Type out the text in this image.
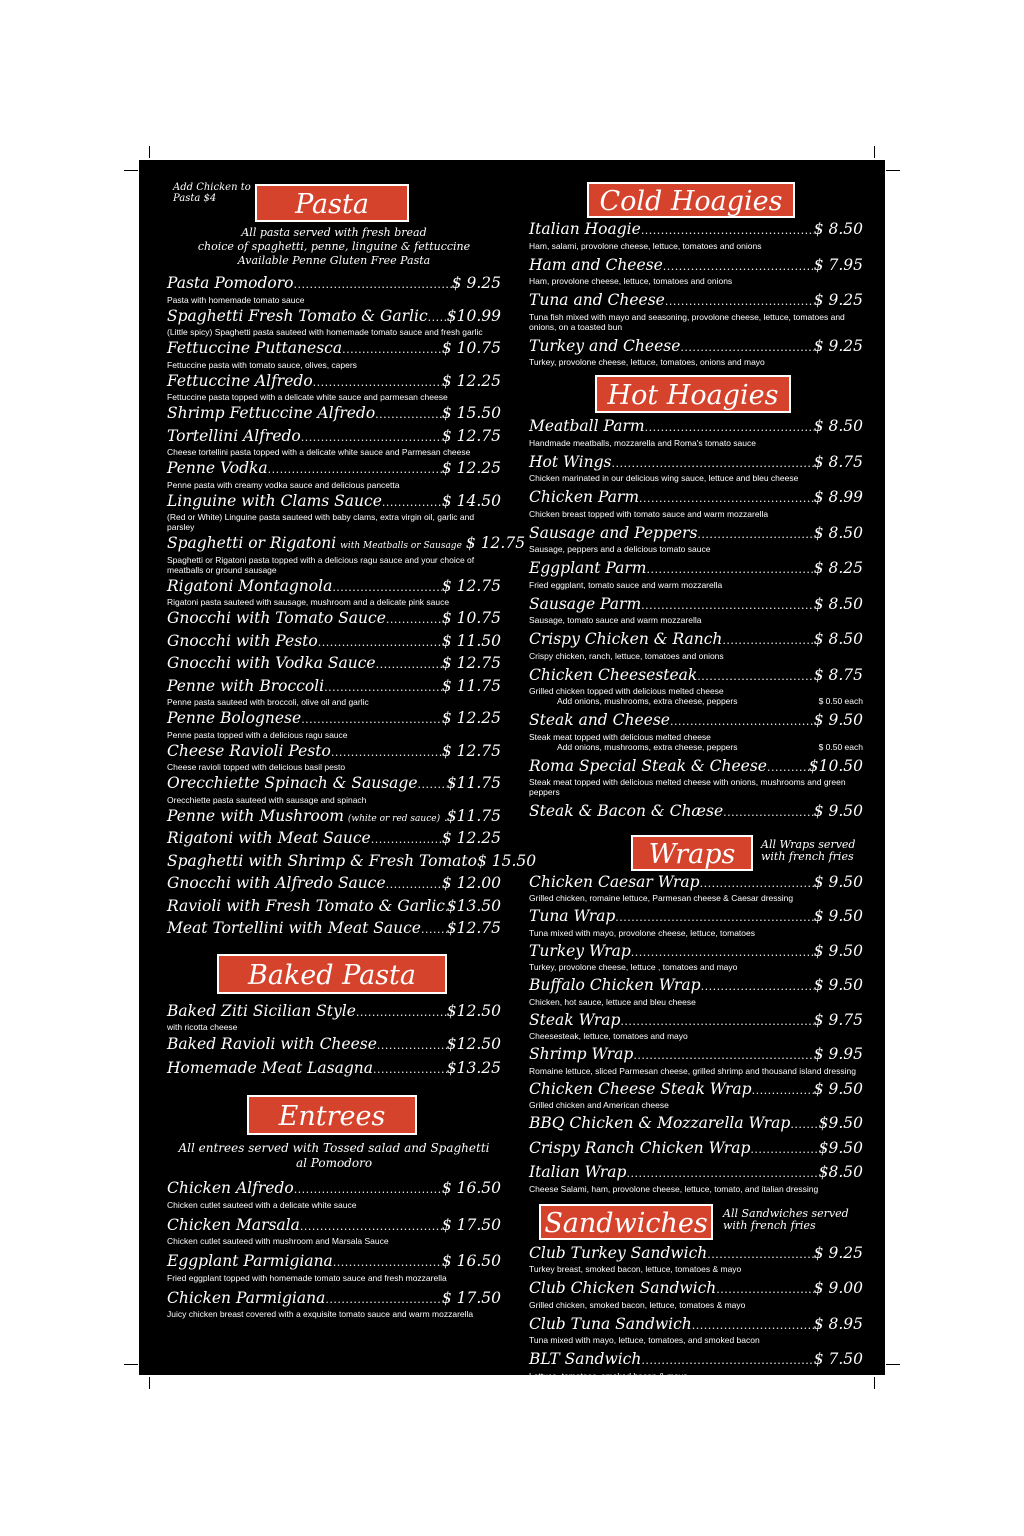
Add Chicken to Pasta $4	Pasta
All pasta served with fresh bread
choice of spaghetti, penne, linguine & fettuccine
Available Penne Gluten Free Pasta
Pasta Pomodoro .....	$ 9.25
Pasta with homemade tomato sauce
Spaghetti Fresh Tomato & Garlic ..... $10.99
(Little spicy) Spaghetti pasta sauteed with homemade tomato sauce and fresh garlic
Fettuccine Puttanesca .....	$ 10.75
Fettuccine pasta with tomato sauce, olives, capers
Fettuccine Alfredo .....	$ 12.25
Fettuccine pasta topped with a delicate white sauce and parmesan cheese
Shrimp Fettuccine Alfredo .....	$ 15.50
Tortellini Alfredo .....	$ 12.75
Cheese tortellini pasta topped with a delicate white sauce and Parmesan cheese
Penne Vodka .....	$ 12.25
Penne pasta with creamy vodka sauce and delicious pancetta
Linguine with Clams Sauce .....	$ 14.50
(Red or White) Linguine pasta sauteed with baby clams, extra virgin oil, garlic and parsley
Spaghetti or Rigatoni with Meatballs or Sausage $ 12.75
Spaghetti or Rigatoni pasta topped with a delicious ragu sauce and your choice of meatballs or ground sausage
Rigatoni Montagnola .....	$ 12.75
Rigatoni pasta sauteed with sausage, mushroom and a delicate pink sauce
Gnocchi with Tomato Sauce .....	$ 10.75
Gnocchi with Pesto .....	$ 11.50
Gnocchi with Vodka Sauce .....	$ 12.75
Penne with Broccoli .....	$ 11.75
Penne pasta sauteed with broccoli, olive oil and garlic
Penne Bolognese .....	$ 12.25
Penne pasta topped with a delicious ragu sauce
Cheese Ravioli Pesto .....	$ 12.75
Cheese ravioli topped with delicious basil pesto
Orecchiette Spinach & Sausage ..... $11.75
Orecchiette pasta sauteed with sausage and spinach
Penne with Mushroom (white or red sauce) ..... $11.75
Rigatoni with Meat Sauce .....	$ 12.25
Spaghetti with Shrimp & Fresh Tomato $ 15.50
Gnocchi with Alfredo Sauce .....	$ 12.00
Ravioli with Fresh Tomato & Garlic ..... $13.50
Meat Tortellini with Meat Sauce ..... $12.75
Baked Pasta
Baked Ziti Sicilian Style .....	$12.50
with ricotta cheese
Baked Ravioli with Cheese .....	$12.50
Homemade Meat Lasagna .....	$13.25
Entrees
All entrees served with Tossed salad and Spaghetti al Pomodoro
Chicken Alfredo .....	$ 16.50
Chicken cutlet sauteed with a delicate white sauce
Chicken Marsala .....	$ 17.50
Chicken cutlet sauteed with mushroom and Marsala Sauce
Eggplant Parmigiana .....	$ 16.50
Fried eggplant topped with homemade tomato sauce and fresh mozzarella
Chicken Parmigiana .....	$ 17.50
Juicy chicken breast covered with a exquisite tomato sauce and warm mozzarella
Cold Hoagies
Italian Hoagie .....	$ 8.50
Ham, salami, provolone cheese, lettuce, tomatoes and onions
Ham and Cheese .....	$ 7.95
Ham, provolone cheese, lettuce, tomatoes and onions
Tuna and Cheese .....	$ 9.25
Tuna fish mixed with mayo and seasoning, provolone cheese, lettuce, tomatoes and onions, on a toasted bun
Turkey and Cheese .....	$ 9.25
Turkey, provolone cheese, lettuce, tomatoes, onions and mayo
Hot Hoagies
Meatball Parm .....	$ 8.50
Handmade meatballs, mozzarella and Roma's tomato sauce
Hot Wings .....	$ 8.75
Chicken marinated in our delicious wing sauce, lettuce and bleu cheese
Chicken Parm .....	$ 8.99
Chicken breast topped with tomato sauce and warm mozzarella
Sausage and Peppers .....	$ 8.50
Sausage, peppers and a delicious tomato sauce
Eggplant Parm .....	$ 8.25
Fried eggplant, tomato sauce and warm mozzarella
Sausage Parm .....	$ 8.50
Sausage, tomato sauce and warm mozzarella
Crispy Chicken & Ranch .....	$ 8.50
Crispy chicken, ranch, lettuce, tomatoes and onions
Chicken Cheesesteak .....	$ 8.75
Grilled chicken topped with delicious melted cheese
Add onions, mushrooms, extra cheese, peppers	$ 0.50 each
Steak and Cheese .....	$ 9.50
Steak meat topped with delicious melted cheese
Add onions, mushrooms, extra cheese, peppers	$ 0.50 each
Roma Special Steak & Cheese .....	$10.50
Steak meat topped with delicious melted cheese with onions, mushrooms and green peppers
Steak & Bacon & Chæse .....	$ 9.50
Wraps	All Wraps served with french fries
Chicken Caesar Wrap .....	$ 9.50
Grilled chicken, romaine lettuce, Parmesan cheese & Caesar dressing
Tuna Wrap .....	$ 9.50
Tuna mixed with mayo, provolone cheese, lettuce, tomatoes
Turkey Wrap .....	$ 9.50
Turkey, provolone cheese, lettuce , tomatoes and mayo
Buffalo Chicken Wrap .....	$ 9.50
Chicken, hot sauce, lettuce and bleu cheese
Steak Wrap .....	$ 9.75
Cheesesteak, lettuce, tomatoes and mayo
Shrimp Wrap .....	$ 9.95
Romaine lettuce, sliced Parmesan cheese, grilled shrimp and thousand island dressing
Chicken Cheese Steak Wrap .....	$ 9.50
Grilled chicken and American cheese
BBQ Chicken & Mozzarella Wrap ..... $9.50
Crispy Ranch Chicken Wrap .....	$9.50
Italian Wrap .....	$8.50
Cheese Salami, ham, provolone cheese, lettuce, tomato, and italian dressing
Sandwiches	All Sandwiches served with french fries
Club Turkey Sandwich .....	$ 9.25
Turkey breast, smoked bacon, lettuce, tomatoes & mayo
Club Chicken Sandwich .....	$ 9.00
Grilled chicken, smoked bacon, lettuce, tomatoes & mayo
Club Tuna Sandwich .....	$ 8.95
Tuna mixed with mayo, lettuce, tomatoes, and smoked bacon
BLT Sandwich .....	$ 7.50
Lettuce, tomatoes, smoked bacon & mayo
